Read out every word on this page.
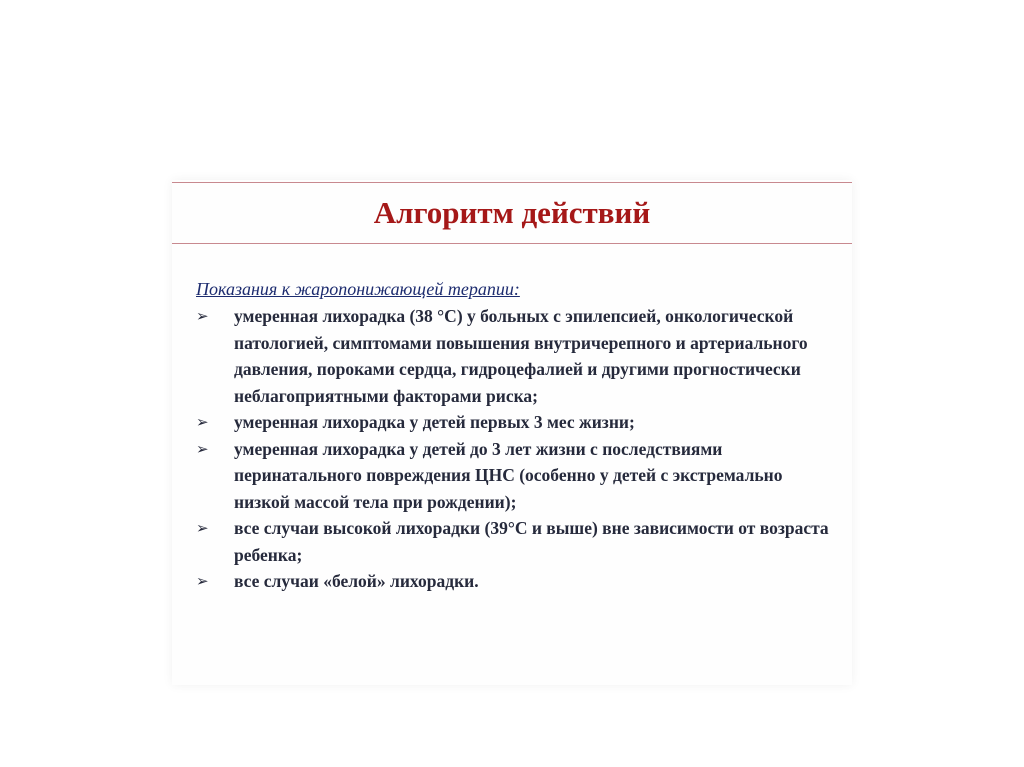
Алгоритм действий

Показания к жаропонижающей терапии:

➢	умеренная лихорадка (38 °С) у больных с эпилепсией, онкологической патологией, симптомами повышения внутричерепного и артериального давления, пороками сердца, гидроцефалией и другими прогностически неблагоприятными факторами риска;
➢	умеренная лихорадка у детей первых 3 мес жизни;
➢	умеренная лихорадка у детей до 3 лет жизни с последствиями перинатального повреждения ЦНС (особенно у детей с экстремально низкой массой тела при рождении);
➢	все случаи высокой лихорадки (39°С и выше) вне зависимости от возраста ребенка;
➢	все случаи «белой» лихорадки.
